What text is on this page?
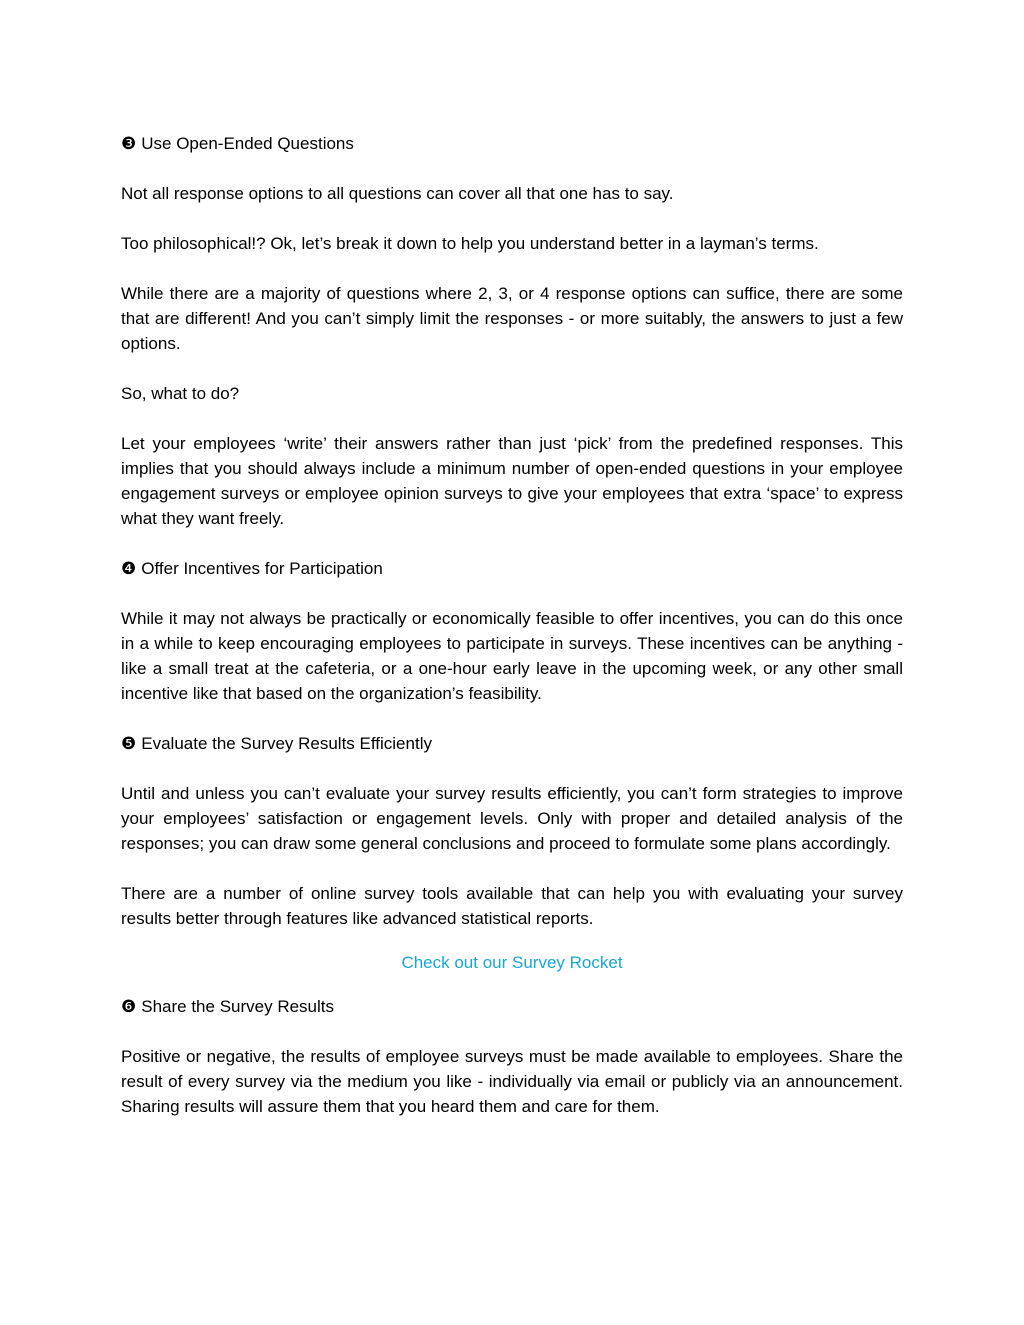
❸ Use Open-Ended Questions

Not all response options to all questions can cover all that one has to say.

Too philosophical!? Ok, let’s break it down to help you understand better in a layman’s terms.

While there are a majority of questions where 2, 3, or 4 response options can suffice, there are some that are different! And you can’t simply limit the responses - or more suitably, the answers to just a few options.

So, what to do?

Let your employees ‘write’ their answers rather than just ‘pick’ from the predefined responses. This implies that you should always include a minimum number of open-ended questions in your employee engagement surveys or employee opinion surveys to give your employees that extra ‘space’ to express what they want freely.

❹ Offer Incentives for Participation

While it may not always be practically or economically feasible to offer incentives, you can do this once in a while to keep encouraging employees to participate in surveys. These incentives can be anything - like a small treat at the cafeteria, or a one-hour early leave in the upcoming week, or any other small incentive like that based on the organization’s feasibility.

❺ Evaluate the Survey Results Efficiently

Until and unless you can’t evaluate your survey results efficiently, you can’t form strategies to improve your employees’ satisfaction or engagement levels. Only with proper and detailed analysis of the responses; you can draw some general conclusions and proceed to formulate some plans accordingly.

There are a number of online survey tools available that can help you with evaluating your survey results better through features like advanced statistical reports.

Check out our Survey Rocket
❻ Share the Survey Results

Positive or negative, the results of employee surveys must be made available to employees. Share the result of every survey via the medium you like - individually via email or publicly via an announcement. Sharing results will assure them that you heard them and care for them.
